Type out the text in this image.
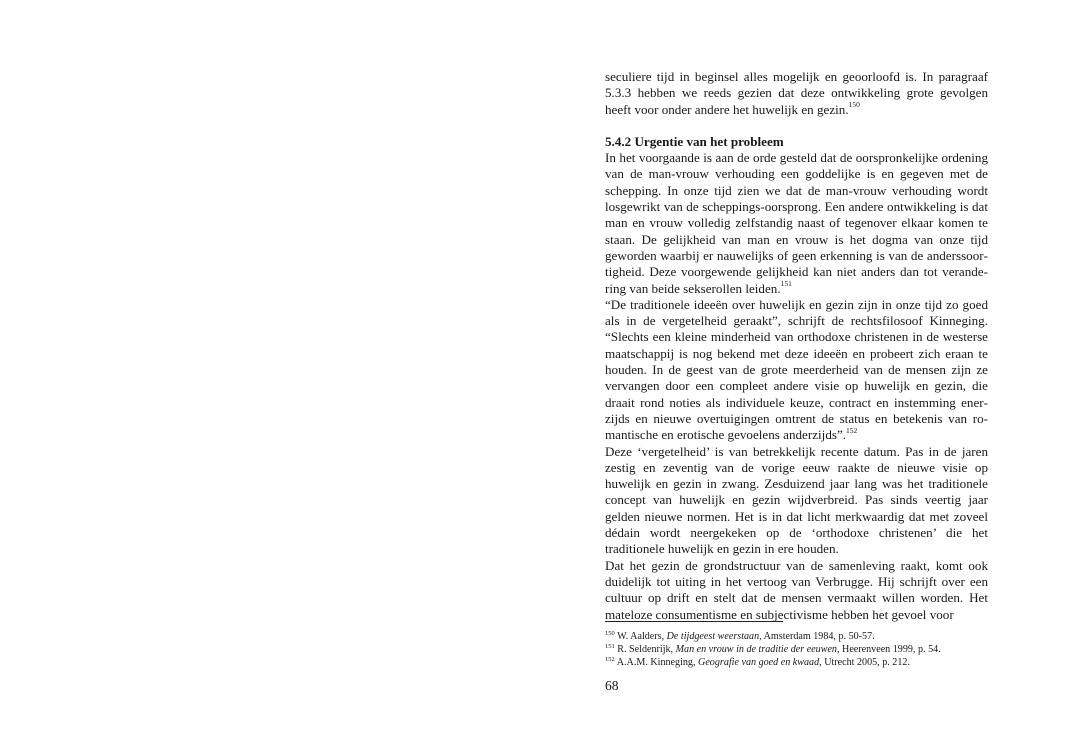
seculiere tijd in beginsel alles mogelijk en geoorloofd is. In paragraaf 5.3.3 hebben we reeds gezien dat deze ontwikkeling grote gevolgen heeft voor onder andere het huwelijk en gezin.$^{150}$

5.4.2 Urgentie van het probleem

In het voorgaande is aan de orde gesteld dat de oorspronkelijke ordening van de man-vrouw verhouding een goddelijke is en gegeven met de schepping. In onze tijd zien we dat de man-vrouw verhouding wordt losgewrikt van de scheppings-oorsprong. Een andere ontwikkeling is dat man en vrouw volledig zelfstandig naast of tegenover elkaar komen te staan. De gelijkheid van man en vrouw is het dogma van onze tijd geworden waarbij er nauwelijks of geen erkenning is van de anderssoortigheid. Deze voorgewende gelijkheid kan niet anders dan tot verandering van beide sekserollen leiden.$^{151}$

“De traditionele ideeën over huwelijk en gezin zijn in onze tijd zo goed als in de vergetelheid geraakt”, schrijft de rechtsfilosoof Kinneging. “Slechts een kleine minderheid van orthodoxe christenen in de westerse maatschappij is nog bekend met deze ideeën en probeert zich eraan te houden. In de geest van de grote meerderheid van de mensen zijn ze vervangen door een compleet andere visie op huwelijk en gezin, die draait rond noties als individuele keuze, contract en instemming enerzijds en nieuwe overtuigingen omtrent de status en betekenis van romantische en erotische gevoelens anderzijds”.$^{152}$

Deze ‘vergetelheid’ is van betrekkelijk recente datum. Pas in de jaren zestig en zeventig van de vorige eeuw raakte de nieuwe visie op huwelijk en gezin in zwang. Zesduizend jaar lang was het traditionele concept van huwelijk en gezin wijdverbreid. Pas sinds veertig jaar gelden nieuwe normen. Het is in dat licht merkwaardig dat met zoveel dédain wordt neergekeken op de ‘orthodoxe christenen’ die het traditionele huwelijk en gezin in ere houden.

Dat het gezin de grondstructuur van de samenleving raakt, komt ook duidelijk tot uiting in het vertoog van Verbrugge. Hij schrijft over een cultuur op drift en stelt dat de mensen vermaakt willen worden. Het mateloze consumentisme en subjectivisme hebben het gevoel voor

$^{150}$ W. Aalders, De tijdgeest weerstaan, Amsterdam 1984, p. 50-57.
$^{151}$ R. Seldenrijk, Man en vrouw in de traditie der eeuwen, Heerenveen 1999, p. 54.
$^{152}$ A.A.M. Kinneging, Geografie van goed en kwaad, Utrecht 2005, p. 212.
68
